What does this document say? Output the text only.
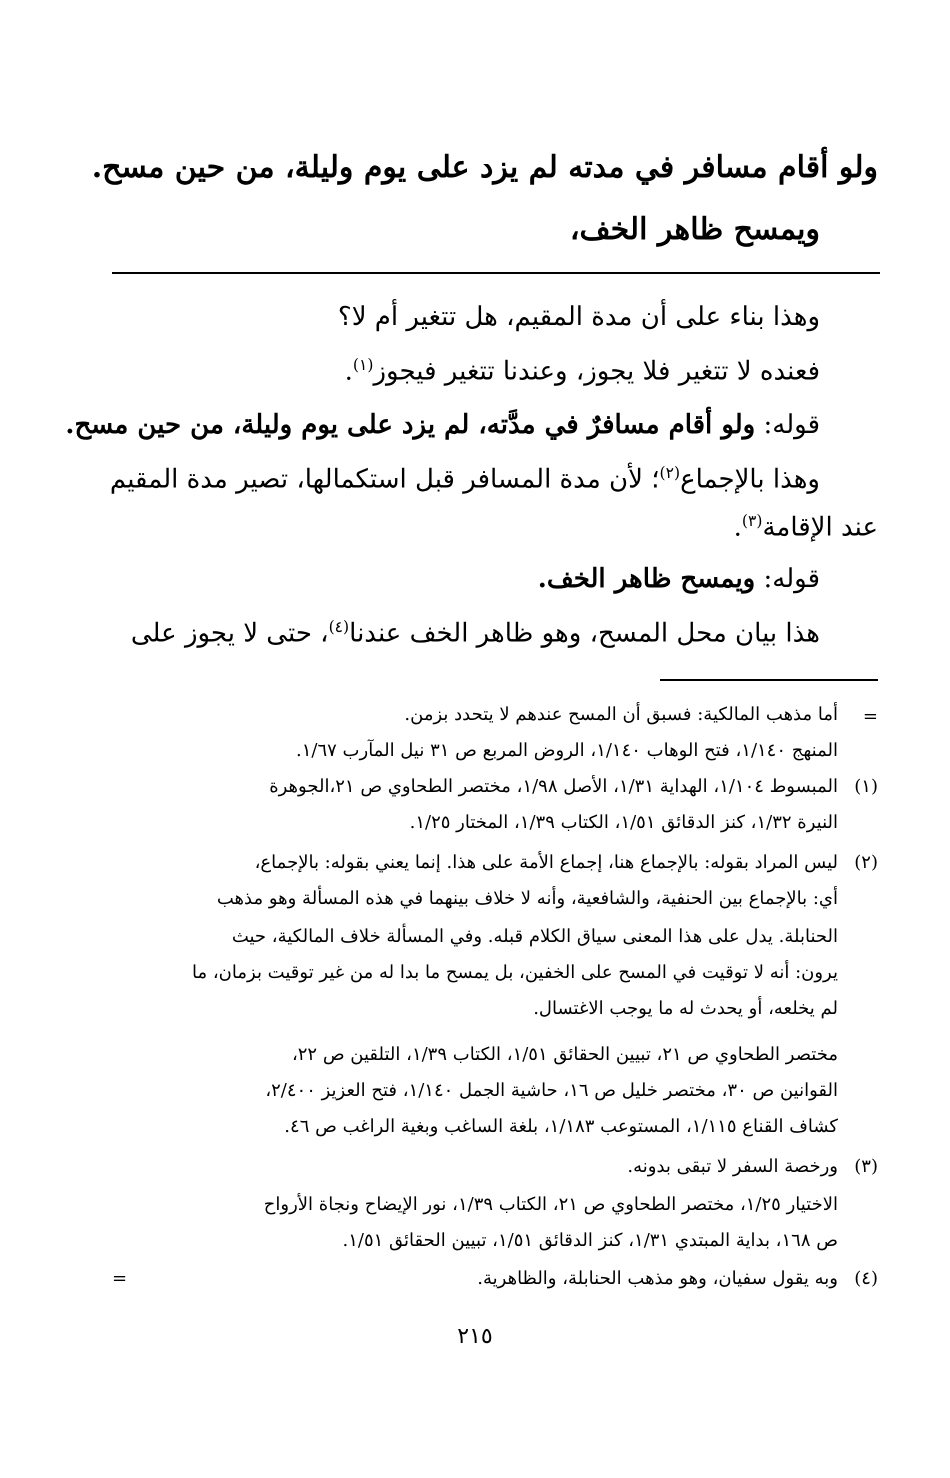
ولو أقام مسافر في مدته لم يزد على يوم وليلة، من حين مسح.
ويمسح ظاهر الخف،
وهذا بناء على أن مدة المقيم، هل تتغير أم لا؟
فعنده لا تتغير فلا يجوز، وعندنا تتغير فيجوز$^{(١)}$.
قوله: ولو أقام مسافرٌ في مدَّته، لم يزد على يوم وليلة، من حين مسح.
وهذا بالإجماع$^{(٢)}$؛ لأن مدة المسافر قبل استكمالها، تصير مدة المقيم
عند الإقامة$^{(٣)}$.
قوله: ويمسح ظاهر الخف.
هذا بيان محل المسح، وهو ظاهر الخف عندنا$^{(٤)}$، حتى لا يجوز على
=
أما مذهب المالكية: فسبق أن المسح عندهم لا يتحدد بزمن.
المنهج ١/١٤٠، فتح الوهاب ١/١٤٠، الروض المربع ص ٣١ نيل المآرب ١/٦٧.
(١)
المبسوط ١/١٠٤، الهداية ١/٣١، الأصل ١/٩٨، مختصر الطحاوي ص ٢١،الجوهرة
النيرة ١/٣٢، كنز الدقائق ١/٥١، الكتاب ١/٣٩، المختار ١/٢٥.
(٢)
ليس المراد بقوله: بالإجماع هنا، إجماع الأمة على هذا. إنما يعني بقوله: بالإجماع،
أي: بالإجماع بين الحنفية، والشافعية، وأنه لا خلاف بينهما في هذه المسألة وهو مذهب
الحنابلة. يدل على هذا المعنى سياق الكلام قبله. وفي المسألة خلاف المالكية، حيث
يرون: أنه لا توقيت في المسح على الخفين، بل يمسح ما بدا له من غير توقيت بزمان، ما
لم يخلعه، أو يحدث له ما يوجب الاغتسال.
مختصر الطحاوي ص ٢١، تبيين الحقائق ١/٥١، الكتاب ١/٣٩، التلقين ص ٢٢،
القوانين ص ٣٠، مختصر خليل ص ١٦، حاشية الجمل ١/١٤٠، فتح العزيز ٢/٤٠٠،
كشاف القناع ١/١١٥، المستوعب ١/١٨٣، بلغة الساغب وبغية الراغب ص ٤٦.
(٣)
ورخصة السفر لا تبقى بدونه.
الاختيار ١/٢٥، مختصر الطحاوي ص ٢١، الكتاب ١/٣٩، نور الإيضاح ونجاة الأرواح
ص ١٦٨، بداية المبتدي ١/٣١، كنز الدقائق ١/٥١، تبيين الحقائق ١/٥١.
(٤)
وبه يقول سفيان، وهو مذهب الحنابلة، والظاهرية.
=
٢١٥
